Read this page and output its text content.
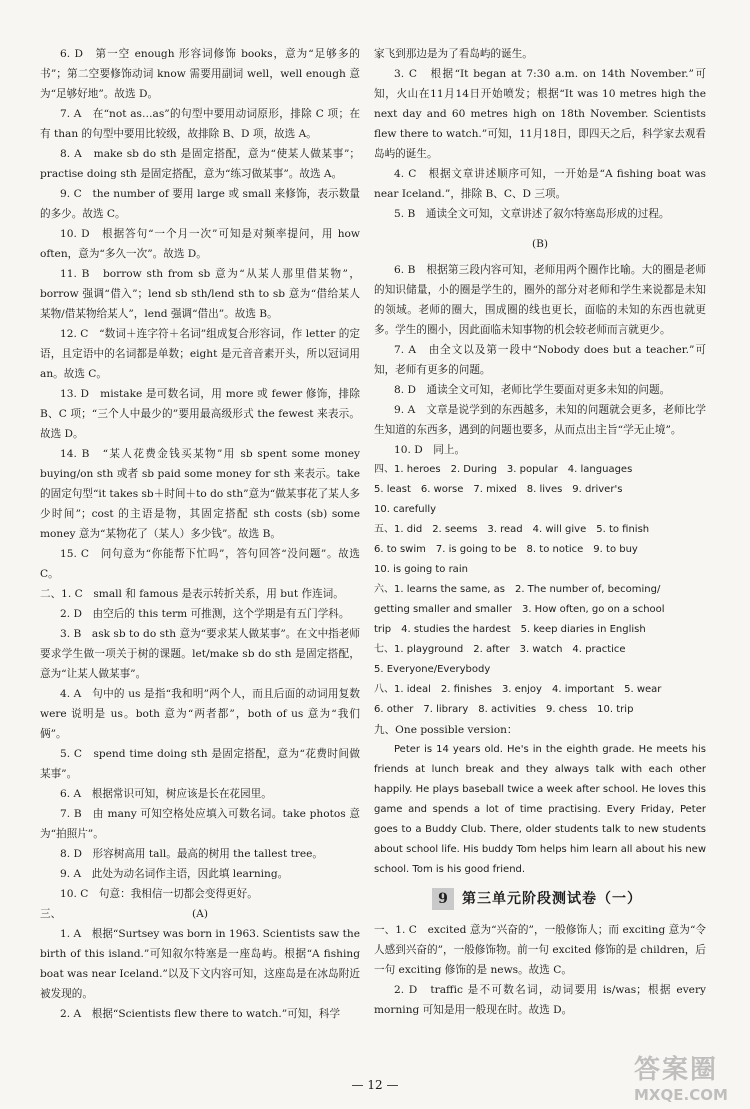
6. D　第一空 enough 形容词修饰 books，意为“足够多的书”；第二空要修饰动词 know 需要用副词 well，well enough 意为“足够好地”。故选 D。

7. A　在“not as…as”的句型中要用动词原形，排除 C 项；在有 than 的句型中要用比较级，故排除 B、D 项，故选 A。

8. A　make sb do sth 是固定搭配，意为“使某人做某事”；practise doing sth 是固定搭配，意为“练习做某事”。故选 A。

9. C　the number of 要用 large 或 small 来修饰，表示数量的多少。故选 C。

10. D　根据答句“一个月一次”可知是对频率提问，用 how often，意为“多久一次”。故选 D。

11. B　borrow sth from sb 意为“从某人那里借某物”，borrow 强调“借入”；lend sb sth/lend sth to sb 意为“借给某人某物/借某物给某人”，lend 强调“借出”。故选 B。

12. C　“数词＋连字符＋名词”组成复合形容词，作 letter 的定语，且定语中的名词都是单数；eight 是元音音素开头，所以冠词用 an。故选 C。

13. D　mistake 是可数名词，用 more 或 fewer 修饰，排除 B、C 项；“三个人中最少的”要用最高级形式 the fewest 来表示。故选 D。

14. B　“某人花费金钱买某物”用 sb spent some money buying/on sth 或者 sb paid some money for sth 来表示。take 的固定句型“it takes sb＋时间＋to do sth”意为“做某事花了某人多少时间”；cost 的主语是物，其固定搭配 sth costs (sb) some money 意为“某物花了（某人）多少钱”。故选 B。

15. C　问句意为“你能帮下忙吗”，答句回答“没问题”。故选 C。

二、1. C　small 和 famous 是表示转折关系，用 but 作连词。

2. D　由空后的 this term 可推测，这个学期是有五门学科。

3. B　ask sb to do sth 意为“要求某人做某事”。在文中指老师要求学生做一项关于树的课题。let/make sb do sth 是固定搭配，意为“让某人做某事”。

4. A　句中的 us 是指“我和明”两个人，而且后面的动词用复数 were 说明是 us。both 意为“两者都”，both of us 意为“我们俩”。

5. C　spend time doing sth 是固定搭配，意为“花费时间做某事”。

6. A　根据常识可知，树应该是长在花园里。

7. B　由 many 可知空格处应填入可数名词。take photos 意为“拍照片”。

8. D　形容树高用 tall。最高的树用 the tallest tree。

9. A　此处为动名词作主语，因此填 learning。

10. C　句意：我相信一切都会变得更好。

三、	(A)

1. A　根据“Surtsey was born in 1963. Scientists saw the birth of this island.”可知叙尔特塞是一座岛屿。根据“A fishing boat was near Iceland.”以及下文内容可知，这座岛是在冰岛附近被发现的。

2. A　根据“Scientists flew there to watch.”可知，科学

家飞到那边是为了看岛屿的诞生。

3. C　根据“It began at 7:30 a.m. on 14th November.”可知，火山在11月14日开始喷发；根据“It was 10 metres high the next day and 60 metres high on 18th November. Scientists flew there to watch.”可知，11月18日，即四天之后，科学家去观看岛屿的诞生。

4. C　根据文章讲述顺序可知，一开始是“A fishing boat was near Iceland.”，排除 B、C、D 三项。

5. B　通读全文可知，文章讲述了叙尔特塞岛形成的过程。

(B)

6. B　根据第三段内容可知，老师用两个圈作比喻。大的圈是老师的知识储量，小的圈是学生的，圈外的部分对老师和学生来说都是未知的领域。老师的圈大，围成圈的线也更长，面临的未知的东西也就更多。学生的圈小，因此面临未知事物的机会较老师而言就更少。

7. A　由全文以及第一段中“Nobody does but a teacher.”可知，老师有更多的问题。

8. D　通读全文可知，老师比学生要面对更多未知的问题。

9. A　文章是说学到的东西越多，未知的问题就会更多，老师比学生知道的东西多，遇到的问题也要多，从而点出主旨“学无止境”。

10. D　同上。

四、1. heroes　2. During　3. popular　4. languages
5. least　6. worse　7. mixed　8. lives　9. driver's
10. carefully
五、1. did　2. seems　3. read　4. will give　5. to finish
6. to swim　7. is going to be　8. to notice　9. to buy
10. is going to rain
六、1. learns the same, as　2. The number of, becoming/
getting smaller and smaller　3. How often, go on a school
trip　4. studies the hardest　5. keep diaries in English
七、1. playground　2. after　3. watch　4. practice
5. Everyone/Everybody
八、1. ideal　2. finishes　3. enjoy　4. important　5. wear
6. other　7. library　8. activities　9. chess　10. trip
九、One possible version：

Peter is 14 years old. He's in the eighth grade. He meets his friends at lunch break and they always talk with each other happily. He plays baseball twice a week after school. He loves this game and spends a lot of time practising. Every Friday, Peter goes to a Buddy Club. There, older students talk to new students about school life. His buddy Tom helps him learn all about his new school. Tom is his good friend.

9	第三单元阶段测试卷（一）

一、1. C　excited 意为“兴奋的”，一般修饰人；而 exciting 意为“令人感到兴奋的”，一般修饰物。前一句 excited 修饰的是 children，后一句 exciting 修饰的是 news。故选 C。

2. D　traffic 是不可数名词，动词要用 is/was；根据 every morning 可知是用一般现在时。故选 D。

— 12 —	答案圈
MXQE.COM
